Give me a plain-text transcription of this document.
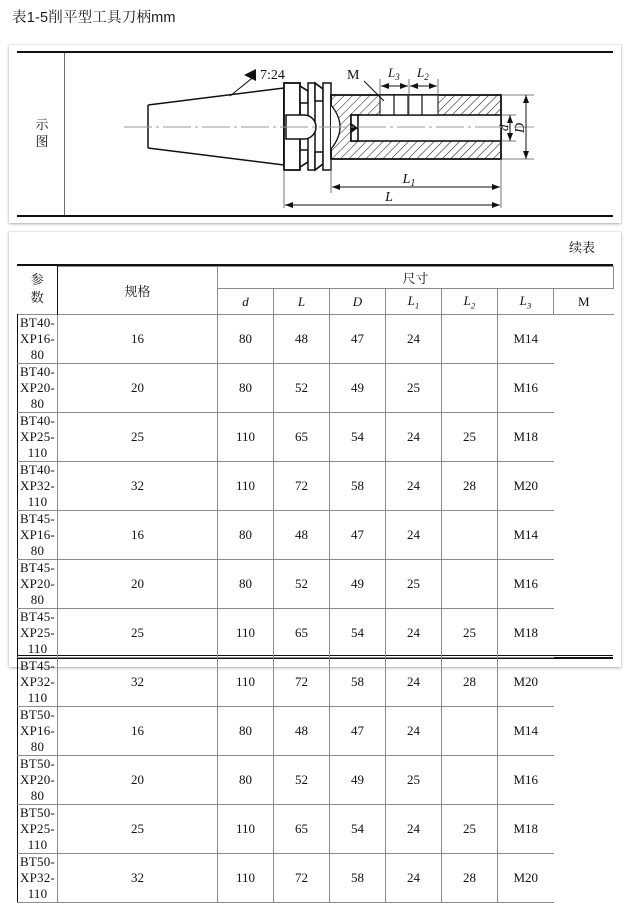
表1-5削平型工具刀柄mm
示
图
7:24	M $L_3$ $L_2$
d D
$L_1$
L
续表
参
数	规格	尺寸						
		d	L	D	$L_1$	$L_2$	$L_3$	M
BT40-XP16-80	16	80	48	47	24		M14	
BT40-XP20-80	20	80	52	49	25		M16	
BT40-XP25-110	25	110	65	54	24	25	M18	
BT40-XP32-110	32	110	72	58	24	28	M20	
BT45-XP16-80	16	80	48	47	24		M14	
BT45-XP20-80	20	80	52	49	25		M16	
BT45-XP25-110	25	110	65	54	24	25	M18	
BT45-XP32-110	32	110	72	58	24	28	M20	
BT50-XP16-80	16	80	48	47	24		M14	
BT50-XP20-80	20	80	52	49	25		M16	
BT50-XP25-110	25	110	65	54	24	25	M18	
BT50-XP32-110	32	110	72	58	24	28	M20	
